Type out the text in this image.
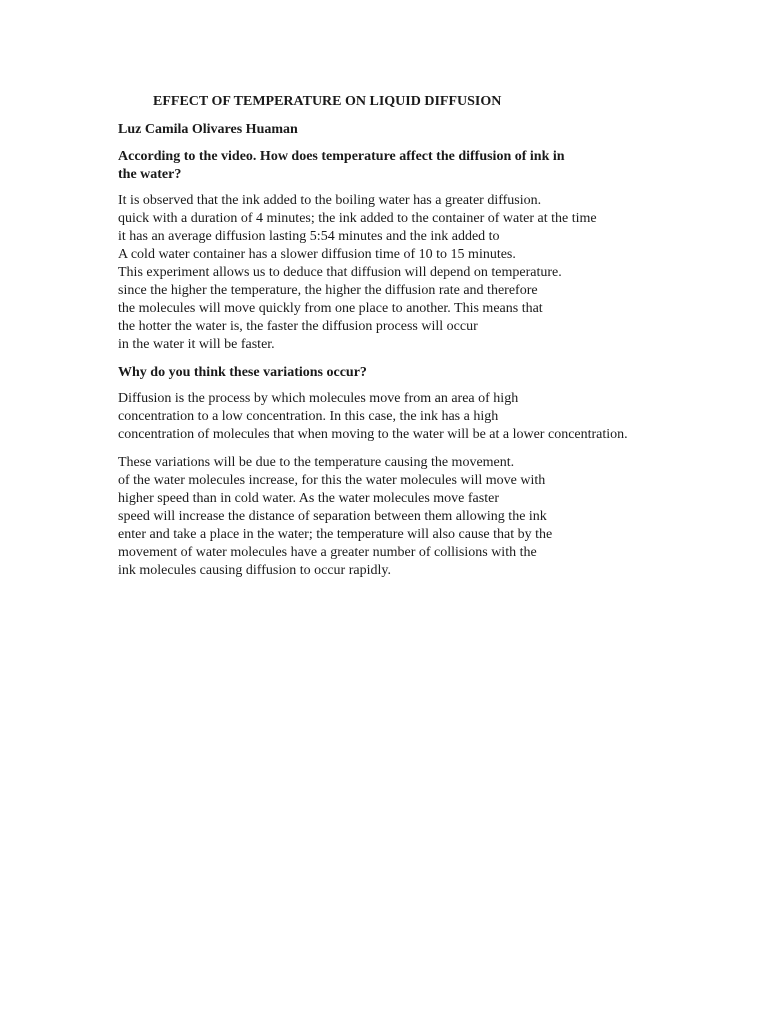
EFFECT OF TEMPERATURE ON LIQUID DIFFUSION
Luz Camila Olivares Huaman
According to the video. How does temperature affect the diffusion of ink in
the water?
It is observed that the ink added to the boiling water has a greater diffusion.
quick with a duration of 4 minutes; the ink added to the container of water at the time
it has an average diffusion lasting 5:54 minutes and the ink added to
A cold water container has a slower diffusion time of 10 to 15 minutes.
This experiment allows us to deduce that diffusion will depend on temperature.
since the higher the temperature, the higher the diffusion rate and therefore
the molecules will move quickly from one place to another. This means that
the hotter the water is, the faster the diffusion process will occur
in the water it will be faster.
Why do you think these variations occur?
Diffusion is the process by which molecules move from an area of high
concentration to a low concentration. In this case, the ink has a high
concentration of molecules that when moving to the water will be at a lower concentration.
These variations will be due to the temperature causing the movement.
of the water molecules increase, for this the water molecules will move with
higher speed than in cold water. As the water molecules move faster
speed will increase the distance of separation between them allowing the ink
enter and take a place in the water; the temperature will also cause that by the
movement of water molecules have a greater number of collisions with the
ink molecules causing diffusion to occur rapidly.
